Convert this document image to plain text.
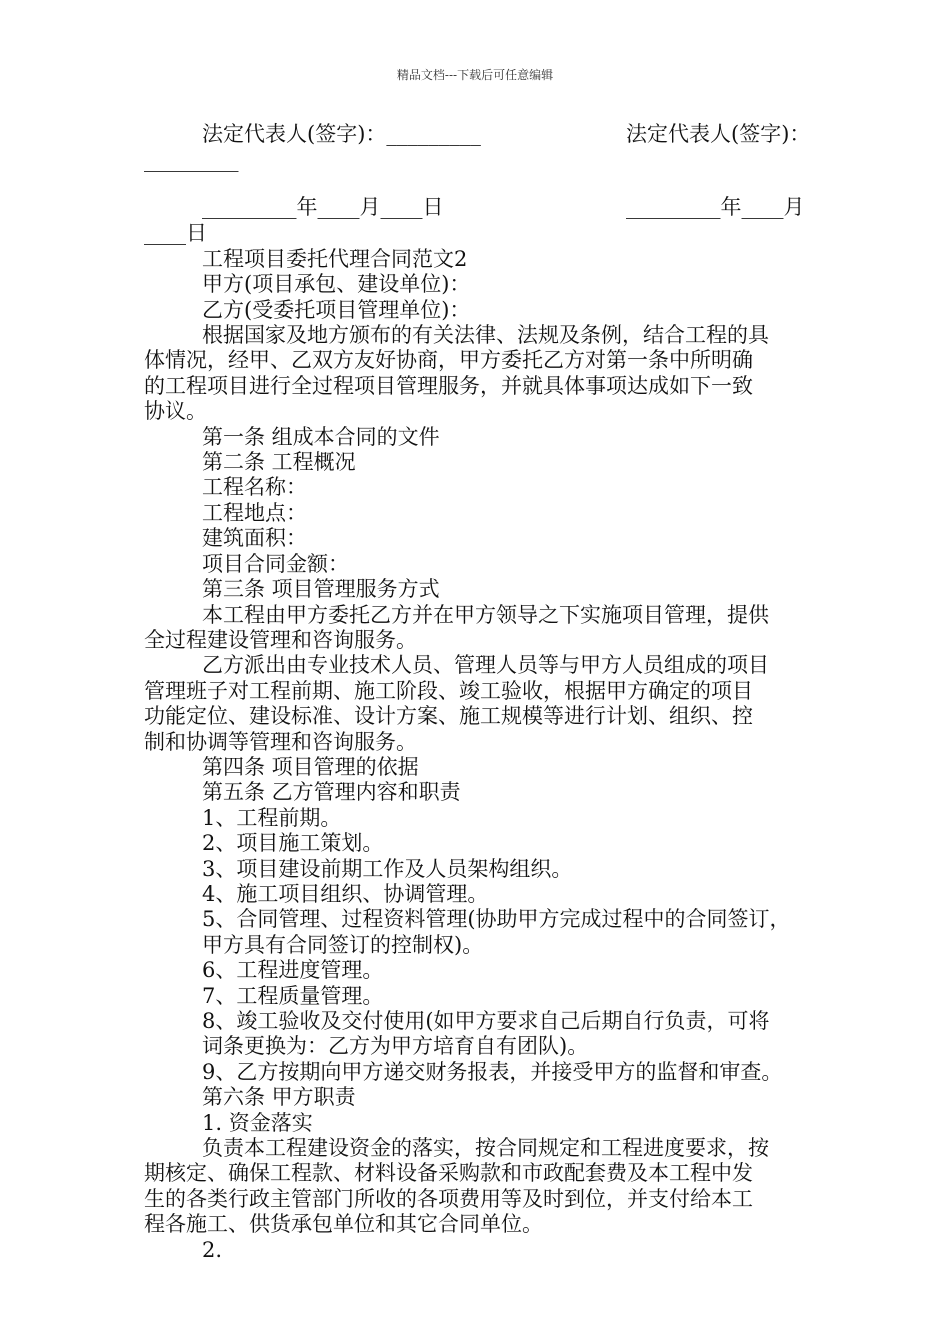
精品文档---下载后可任意编辑
法定代表人(签字)：_________	法定代表人(签字)：
_________
_________年____月____日	_________年____月
____日
工程项目委托代理合同范文2
甲方(项目承包、建设单位)：
乙方(受委托项目管理单位)：
根据国家及地方颁布的有关法律、法规及条例，结合工程的具
体情况，经甲、乙双方友好协商，甲方委托乙方对第一条中所明确
的工程项目进行全过程项目管理服务，并就具体事项达成如下一致
协议。
第一条 组成本合同的文件
第二条 工程概况
工程名称：
工程地点：
建筑面积：
项目合同金额：
第三条 项目管理服务方式
本工程由甲方委托乙方并在甲方领导之下实施项目管理，提供
全过程建设管理和咨询服务。
乙方派出由专业技术人员、管理人员等与甲方人员组成的项目
管理班子对工程前期、施工阶段、竣工验收，根据甲方确定的项目
功能定位、建设标准、设计方案、施工规模等进行计划、组织、控
制和协调等管理和咨询服务。
第四条 项目管理的依据
第五条 乙方管理内容和职责
1、工程前期。
2、项目施工策划。
3、项目建设前期工作及人员架构组织。
4、施工项目组织、协调管理。
5、合同管理、过程资料管理(协助甲方完成过程中的合同签订，
甲方具有合同签订的控制权)。
6、工程进度管理。
7、工程质量管理。
8、竣工验收及交付使用(如甲方要求自己后期自行负责，可将
词条更换为：乙方为甲方培育自有团队)。
9、乙方按期向甲方递交财务报表，并接受甲方的监督和审查。
第六条 甲方职责
1. 资金落实
负责本工程建设资金的落实，按合同规定和工程进度要求，按
期核定、确保工程款、材料设备采购款和市政配套费及本工程中发
生的各类行政主管部门所收的各项费用等及时到位，并支付给本工
程各施工、供货承包单位和其它合同单位。
2.
